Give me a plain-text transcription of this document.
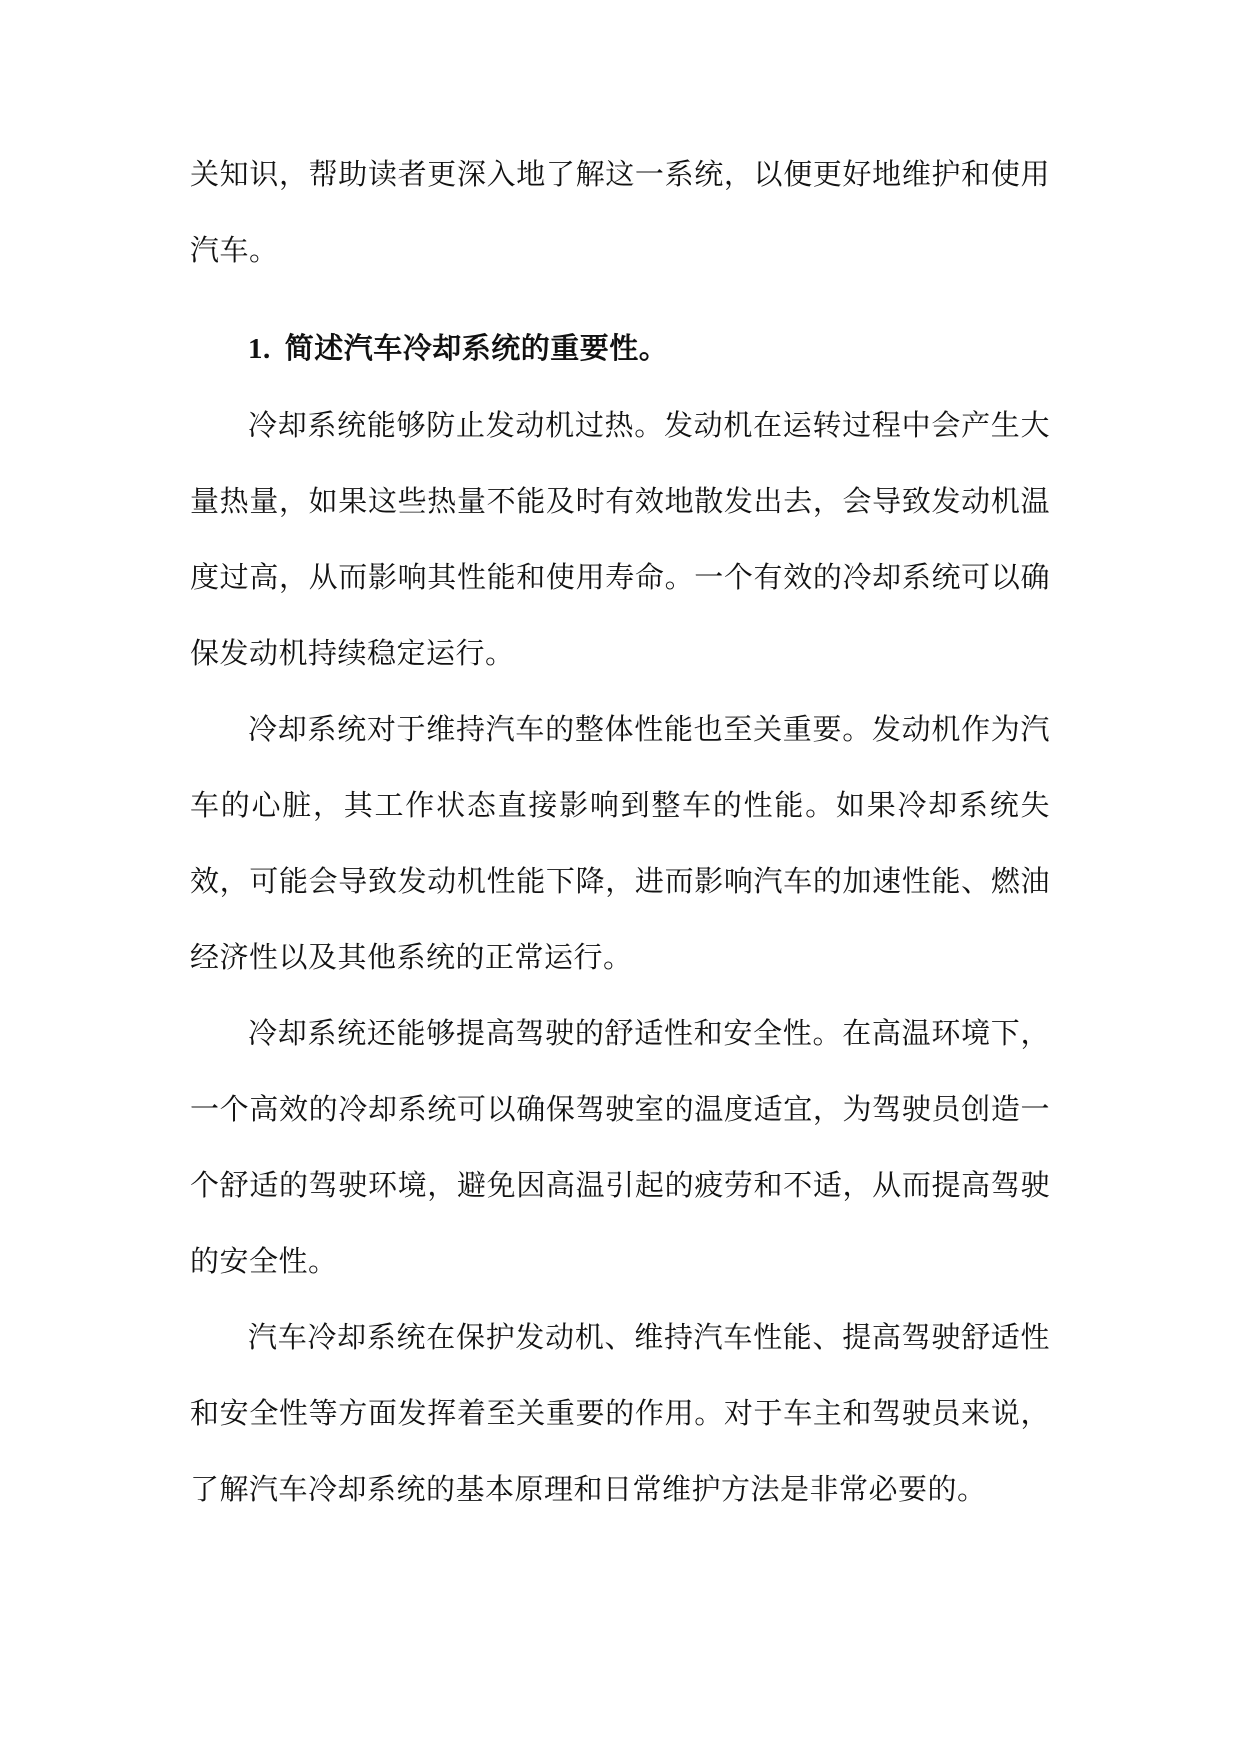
关知识，帮助读者更深入地了解这一系统，以便更好地维护和使用汽车。

1. 简述汽车冷却系统的重要性。

冷却系统能够防止发动机过热。发动机在运转过程中会产生大量热量，如果这些热量不能及时有效地散发出去，会导致发动机温度过高，从而影响其性能和使用寿命。一个有效的冷却系统可以确保发动机持续稳定运行。

冷却系统对于维持汽车的整体性能也至关重要。发动机作为汽车的心脏，其工作状态直接影响到整车的性能。如果冷却系统失效，可能会导致发动机性能下降，进而影响汽车的加速性能、燃油经济性以及其他系统的正常运行。

冷却系统还能够提高驾驶的舒适性和安全性。在高温环境下，一个高效的冷却系统可以确保驾驶室的温度适宜，为驾驶员创造一个舒适的驾驶环境，避免因高温引起的疲劳和不适，从而提高驾驶的安全性。

汽车冷却系统在保护发动机、维持汽车性能、提高驾驶舒适性和安全性等方面发挥着至关重要的作用。对于车主和驾驶员来说，了解汽车冷却系统的基本原理和日常维护方法是非常必要的。
